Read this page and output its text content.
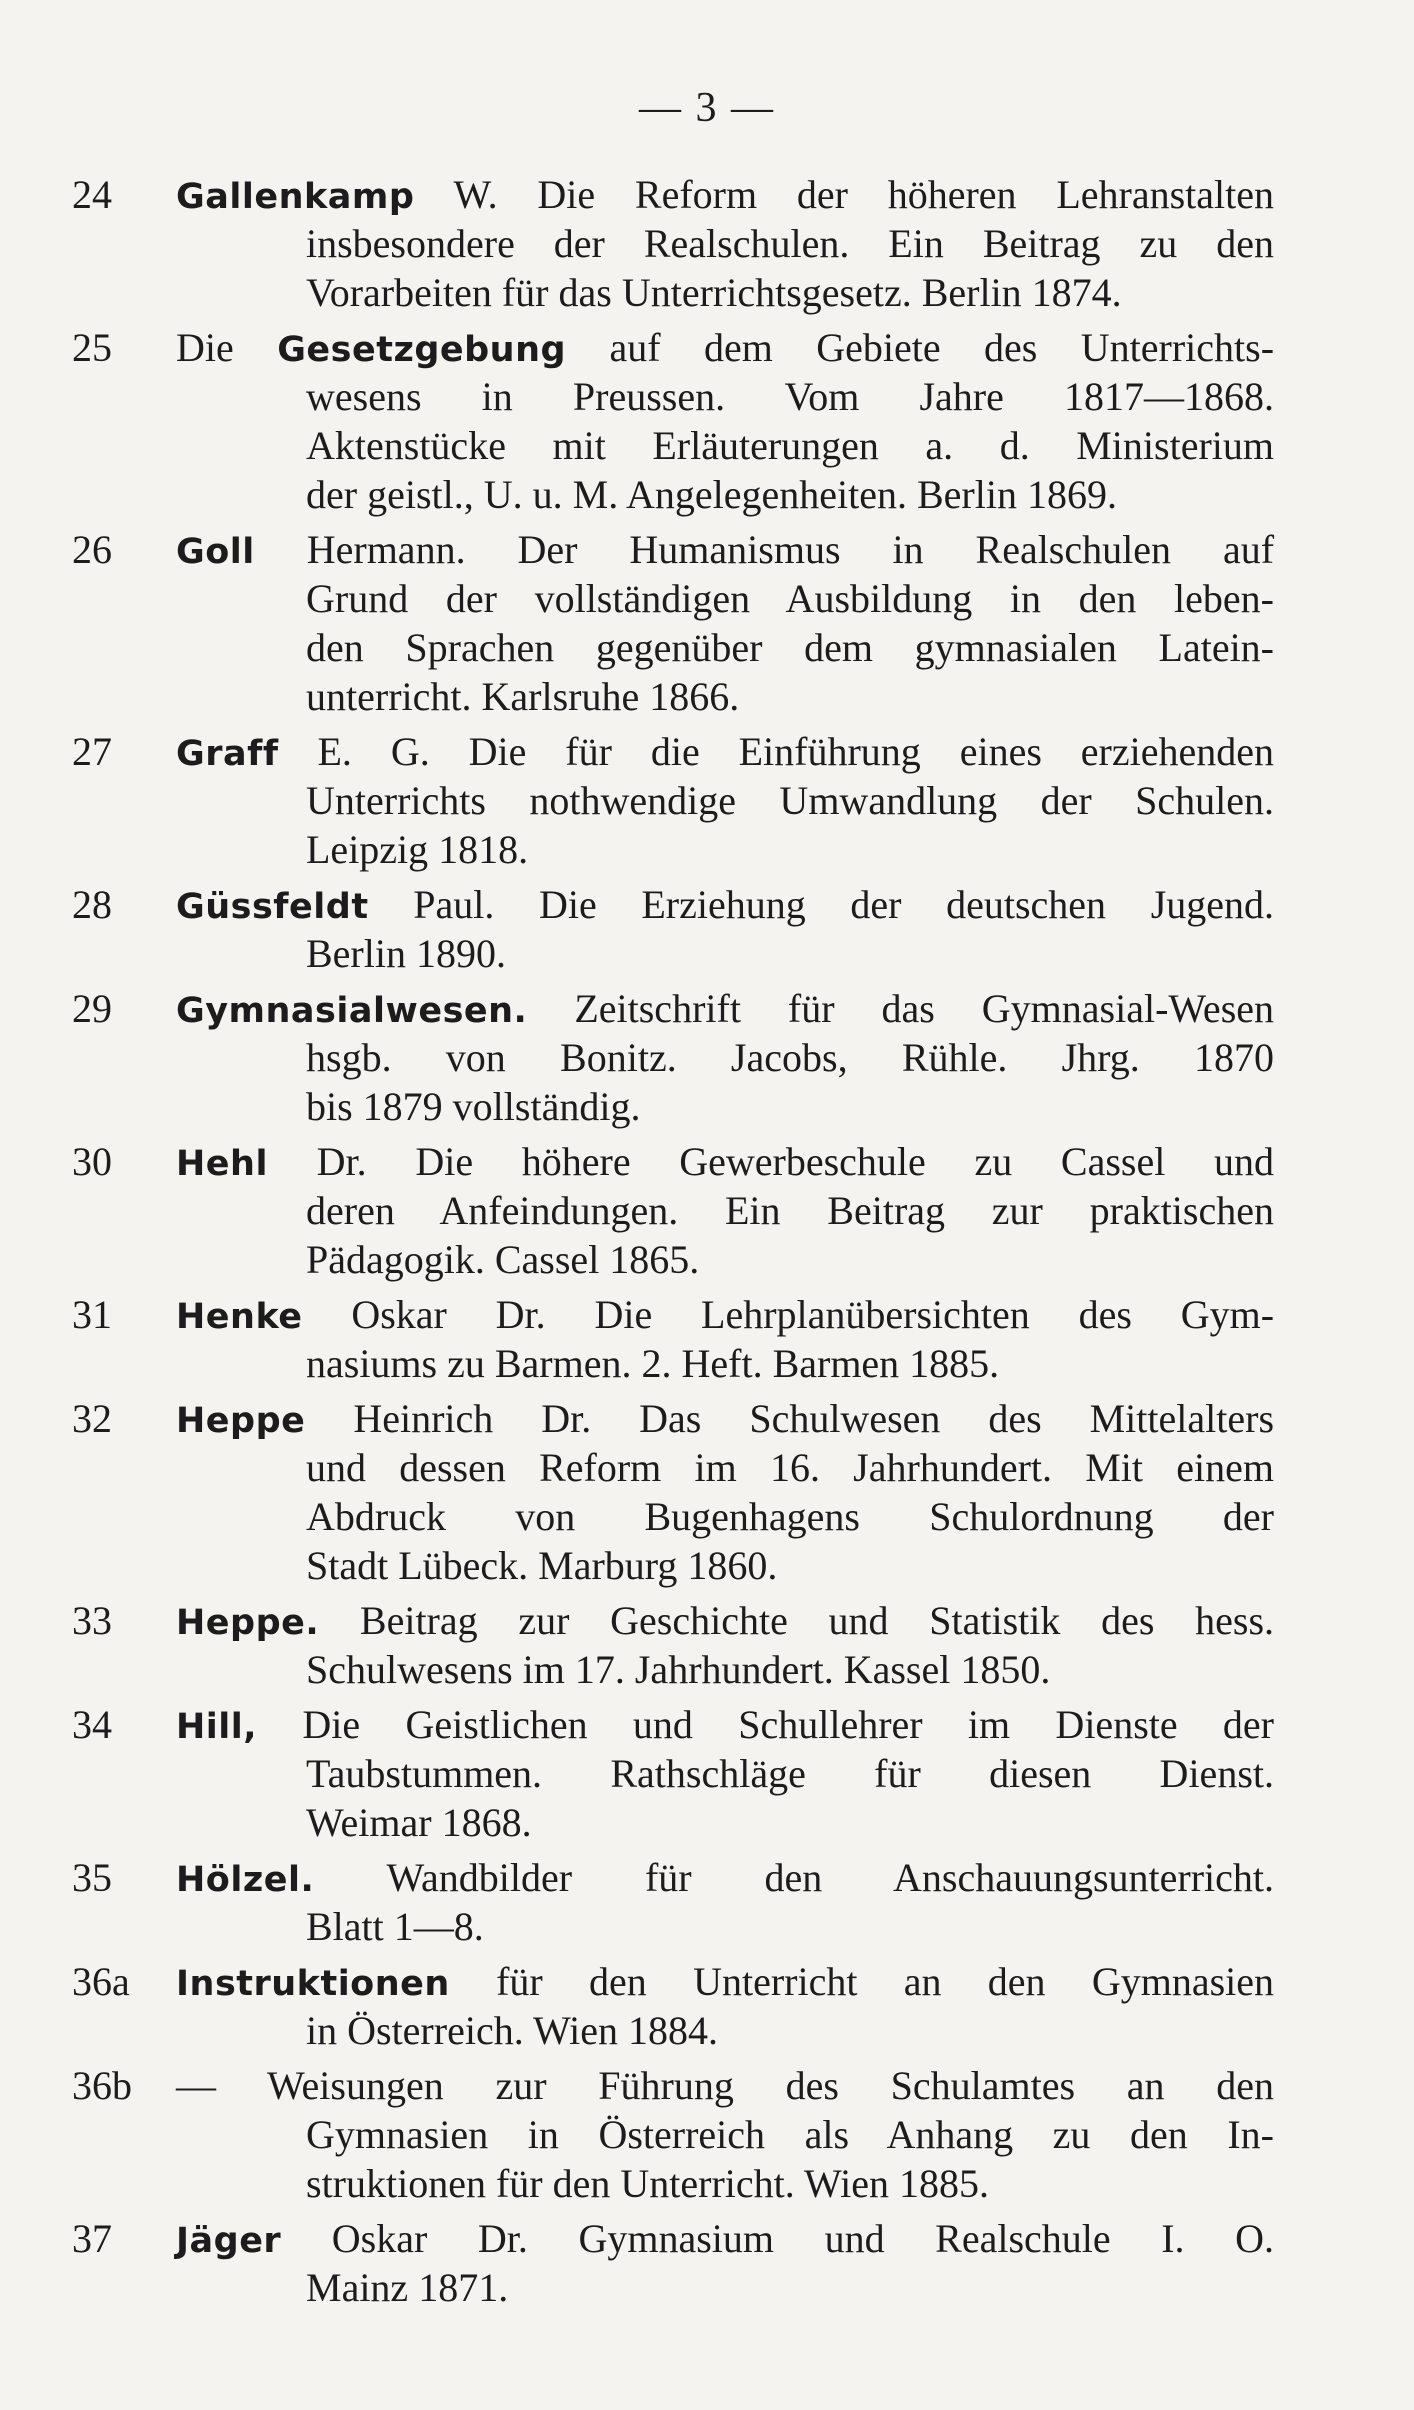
— 3 —
24 Gallenkamp W. Die Reform der höheren Lehranstalten
insbesondere der Realschulen. Ein Beitrag zu den
Vorarbeiten für das Unterrichtsgesetz. Berlin 1874.
25 Die Gesetzgebung auf dem Gebiete des Unterrichts-
wesens in Preussen. Vom Jahre 1817—1868.
Aktenstücke mit Erläuterungen a. d. Ministerium
der geistl., U. u. M. Angelegenheiten. Berlin 1869.
26 Goll Hermann. Der Humanismus in Realschulen auf
Grund der vollständigen Ausbildung in den leben-
den Sprachen gegenüber dem gymnasialen Latein-
unterricht. Karlsruhe 1866.
27 Graff E. G. Die für die Einführung eines erziehenden
Unterrichts nothwendige Umwandlung der Schulen.
Leipzig 1818.
28 Güssfeldt Paul. Die Erziehung der deutschen Jugend.
Berlin 1890.
29 Gymnasialwesen. Zeitschrift für das Gymnasial-Wesen
hsgb. von Bonitz. Jacobs, Rühle. Jhrg. 1870
bis 1879 vollständig.
30 Hehl Dr. Die höhere Gewerbeschule zu Cassel und
deren Anfeindungen. Ein Beitrag zur praktischen
Pädagogik. Cassel 1865.
31 Henke Oskar Dr. Die Lehrplanübersichten des Gym-
nasiums zu Barmen. 2. Heft. Barmen 1885.
32 Heppe Heinrich Dr. Das Schulwesen des Mittelalters
und dessen Reform im 16. Jahrhundert. Mit einem
Abdruck von Bugenhagens Schulordnung der
Stadt Lübeck. Marburg 1860.
33 Heppe. Beitrag zur Geschichte und Statistik des hess.
Schulwesens im 17. Jahrhundert. Kassel 1850.
34 Hill, Die Geistlichen und Schullehrer im Dienste der
Taubstummen. Rathschläge für diesen Dienst.
Weimar 1868.
35 Hölzel. Wandbilder für den Anschauungsunterricht.
Blatt 1—8.
36a Instruktionen für den Unterricht an den Gymnasien
in Österreich. Wien 1884.
36b — Weisungen zur Führung des Schulamtes an den
Gymnasien in Österreich als Anhang zu den In-
struktionen für den Unterricht. Wien 1885.
37 Jäger Oskar Dr. Gymnasium und Realschule I. O.
Mainz 1871.
